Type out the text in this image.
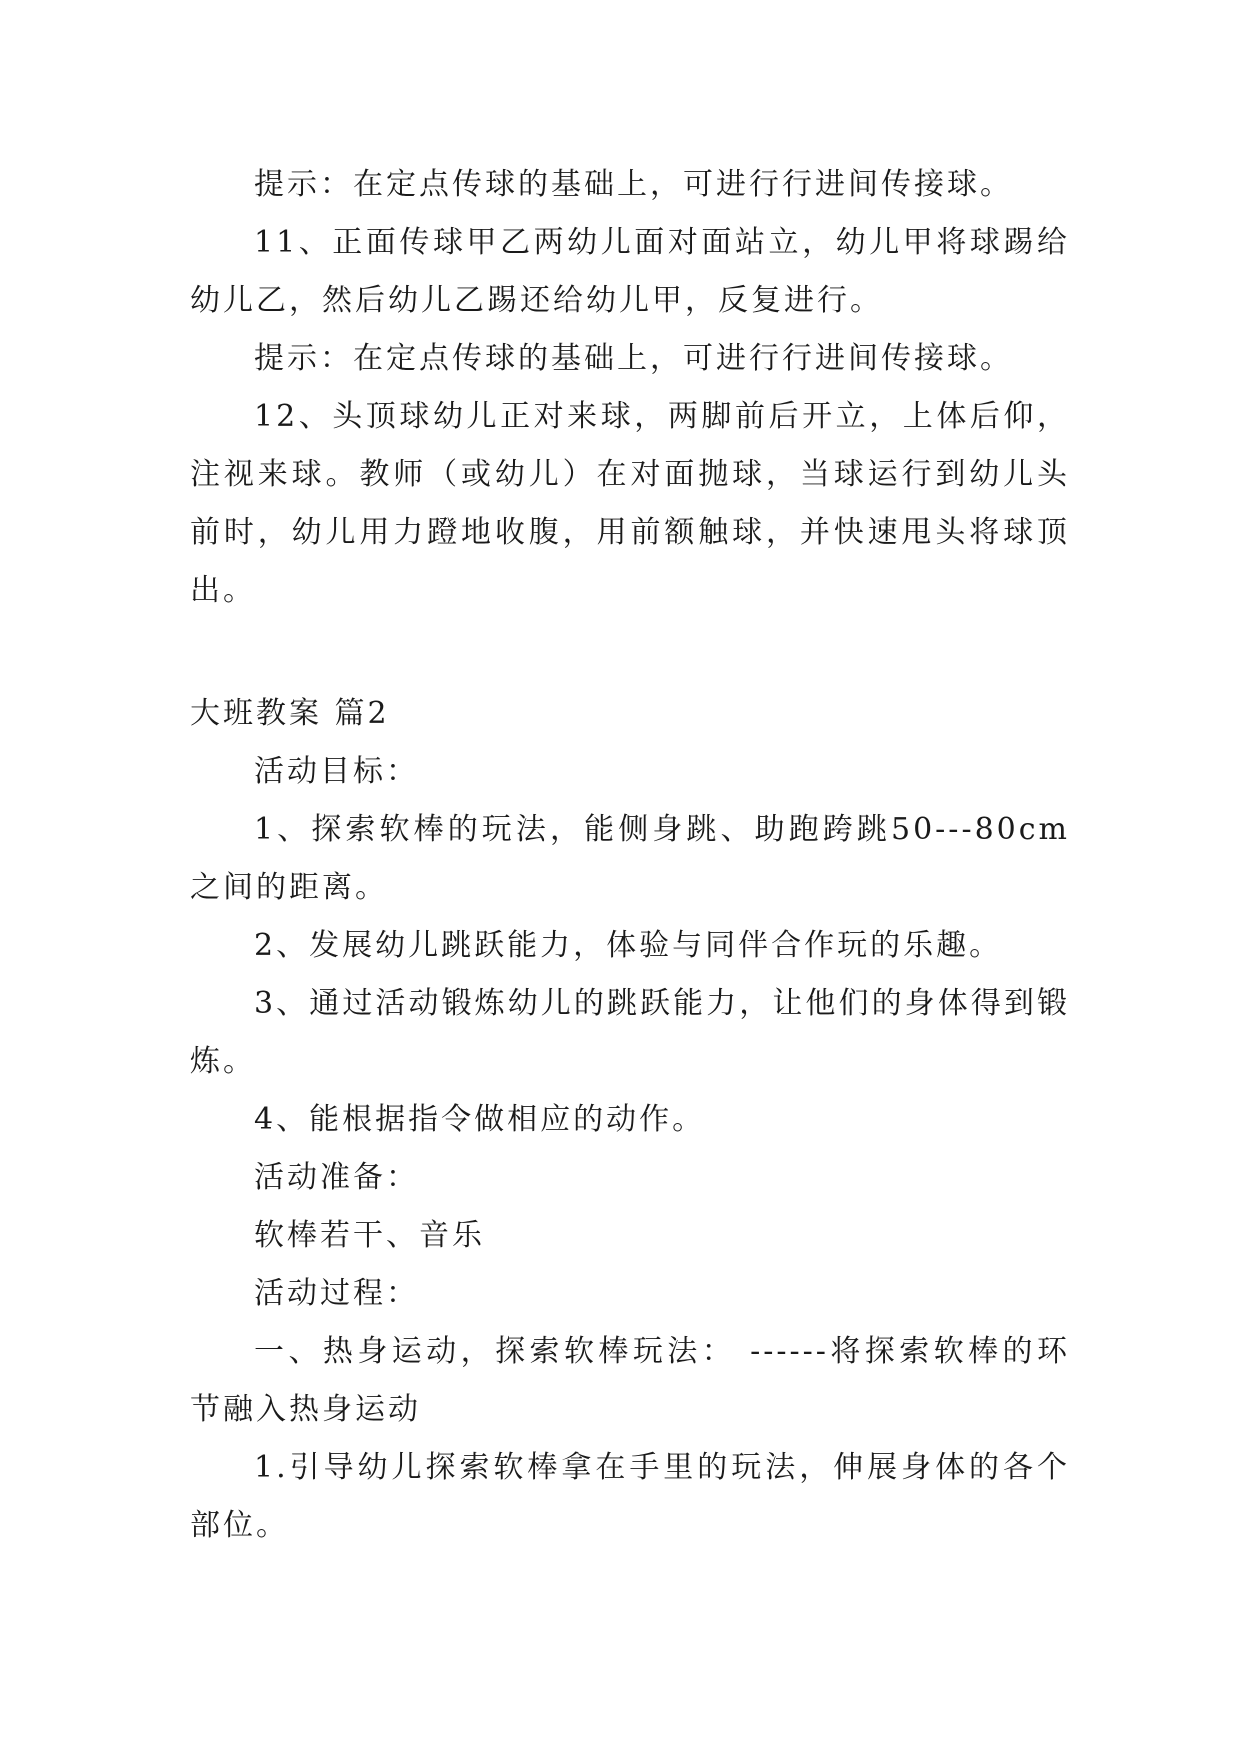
提示：在定点传球的基础上，可进行行进间传接球。

11、正面传球甲乙两幼儿面对面站立，幼儿甲将球踢给幼儿乙，然后幼儿乙踢还给幼儿甲，反复进行。

提示：在定点传球的基础上，可进行行进间传接球。

12、头顶球幼儿正对来球，两脚前后开立，上体后仰，注视来球。教师（或幼儿）在对面抛球，当球运行到幼儿头前时，幼儿用力蹬地收腹，用前额触球，并快速甩头将球顶出。

大班教案 篇2

活动目标：

1、探索软棒的玩法，能侧身跳、助跑跨跳50---80cm之间的距离。

2、发展幼儿跳跃能力，体验与同伴合作玩的乐趣。

3、通过活动锻炼幼儿的跳跃能力，让他们的身体得到锻炼。

4、能根据指令做相应的动作。

活动准备：

软棒若干、音乐

活动过程：

一、热身运动，探索软棒玩法： ------将探索软棒的环节融入热身运动

1.引导幼儿探索软棒拿在手里的玩法，伸展身体的各个部位。
